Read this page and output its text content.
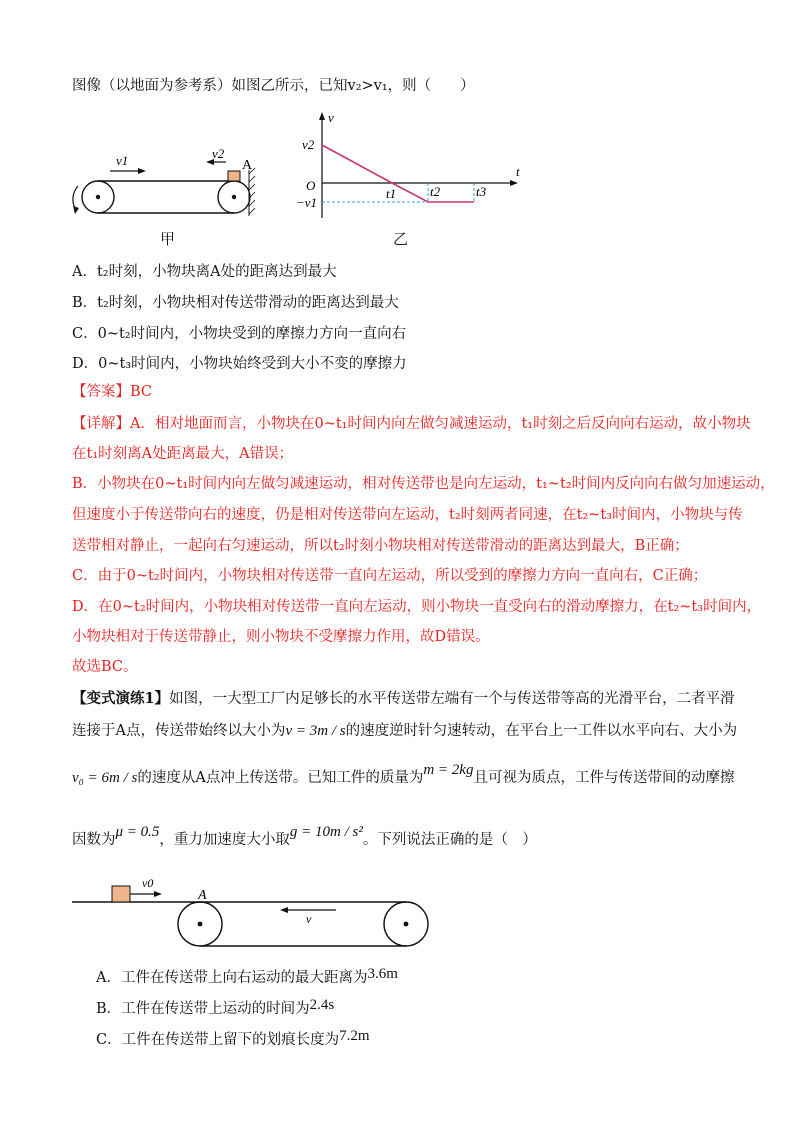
图像（以地面为参考系）如图乙所示，已知v₂>v₁，则（　　）
v1	v2
A
甲
v
t
O
v2
−v1
t1	t2	t3
乙
A．t₂时刻，小物块离A处的距离达到最大
B．t₂时刻，小物块相对传送带滑动的距离达到最大
C．0~t₂时间内，小物块受到的摩擦力方向一直向右
D．0~t₃时间内，小物块始终受到大小不变的摩擦力
【答案】BC
【详解】A．相对地面而言，小物块在0~t₁时间内向左做匀减速运动，t₁时刻之后反向向右运动，故小物块
在t₁时刻离A处距离最大，A错误；
B．小物块在0~t₁时间内向左做匀减速运动，相对传送带也是向左运动，t₁~t₂时间内反向向右做匀加速运动，
但速度小于传送带向右的速度，仍是相对传送带向左运动，t₂时刻两者同速，在t₂~t₃时间内，小物块与传
送带相对静止，一起向右匀速运动，所以t₂时刻小物块相对传送带滑动的距离达到最大，B正确；
C．由于0~t₂时间内，小物块相对传送带一直向左运动，所以受到的摩擦力方向一直向右，C正确；
D．在0~t₂时间内，小物块相对传送带一直向左运动，则小物块一直受向右的滑动摩擦力，在t₂~t₃时间内，
小物块相对于传送带静止，则小物块不受摩擦力作用，故D错误。
故选BC。
【变式演练1】如图，一大型工厂内足够长的水平传送带左端有一个与传送带等高的光滑平台，二者平滑
连接于A点，传送带始终以大小为v = 3m / s的速度逆时针匀速转动，在平台上一工件以水平向右、大小为
v₀ = 6m / s的速度从A点冲上传送带。已知工件的质量为m = 2kg且可视为质点，工件与传送带间的动摩擦
因数为μ = 0.5，重力加速度大小取g = 10m / s²。下列说法正确的是（　）
v0
A
v
A．工件在传送带上向右运动的最大距离为3.6m
B．工件在传送带上运动的时间为2.4s
C．工件在传送带上留下的划痕长度为7.2m
